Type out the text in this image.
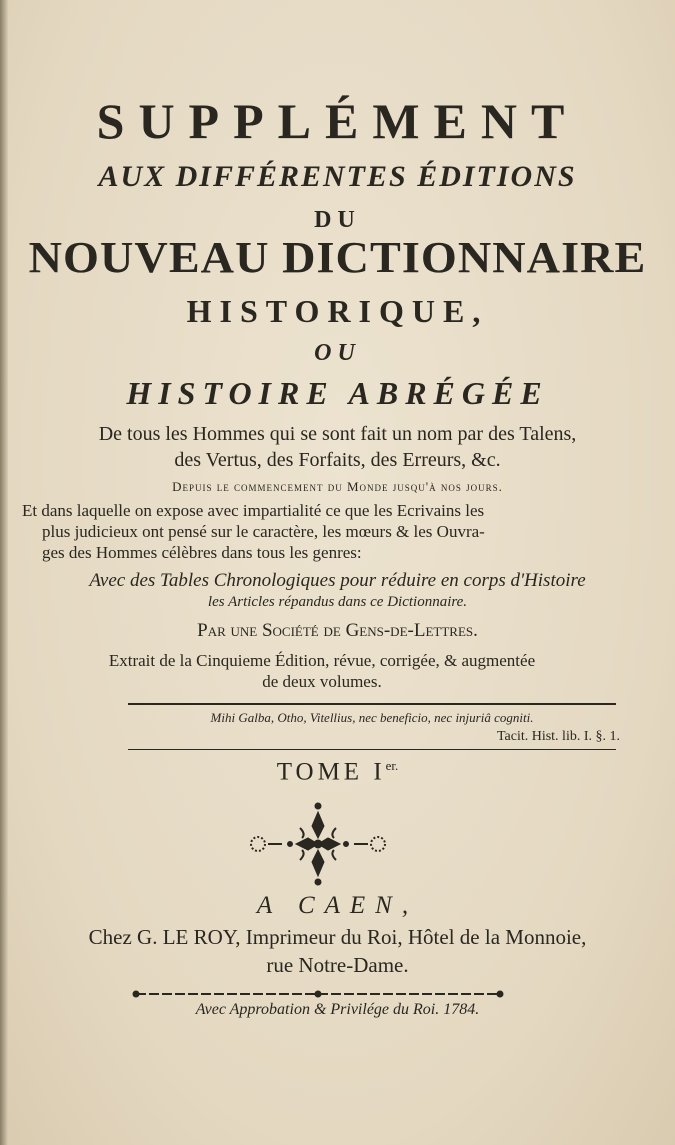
SUPPLÉMENT
AUX DIFFÉRENTES ÉDITIONS
DU
NOUVEAU DICTIONNAIRE
HISTORIQUE,
OU
HISTOIRE ABRÉGÉE
De tous les Hommes qui se sont fait un nom par des Talens,
des Vertus, des Forfaits, des Erreurs, &c.
Depuis le commencement du Monde jusqu'à nos jours.
Et dans laquelle on expose avec impartialité ce que les Ecrivains les
plus judicieux ont pensé sur le caractère, les mœurs & les Ouvra-
ges des Hommes célèbres dans tous les genres:
Avec des Tables Chronologiques pour réduire en corps d'Histoire
les Articles répandus dans ce Dictionnaire.
Par une Société de Gens-de-Lettres.
Extrait de la Cinquieme Édition, révue, corrigée, & augmentée
de deux volumes.
Mihi Galba, Otho, Vitellius, nec beneficio, nec injuriâ cogniti.
Tacit. Hist. lib. I. §. 1.
TOME $I^{er.}$
A CAEN,
Chez G. LE ROY, Imprimeur du Roi, Hôtel de la Monnoie,
rue Notre-Dame.
Avec Approbation & Privilége du Roi. 1784.
